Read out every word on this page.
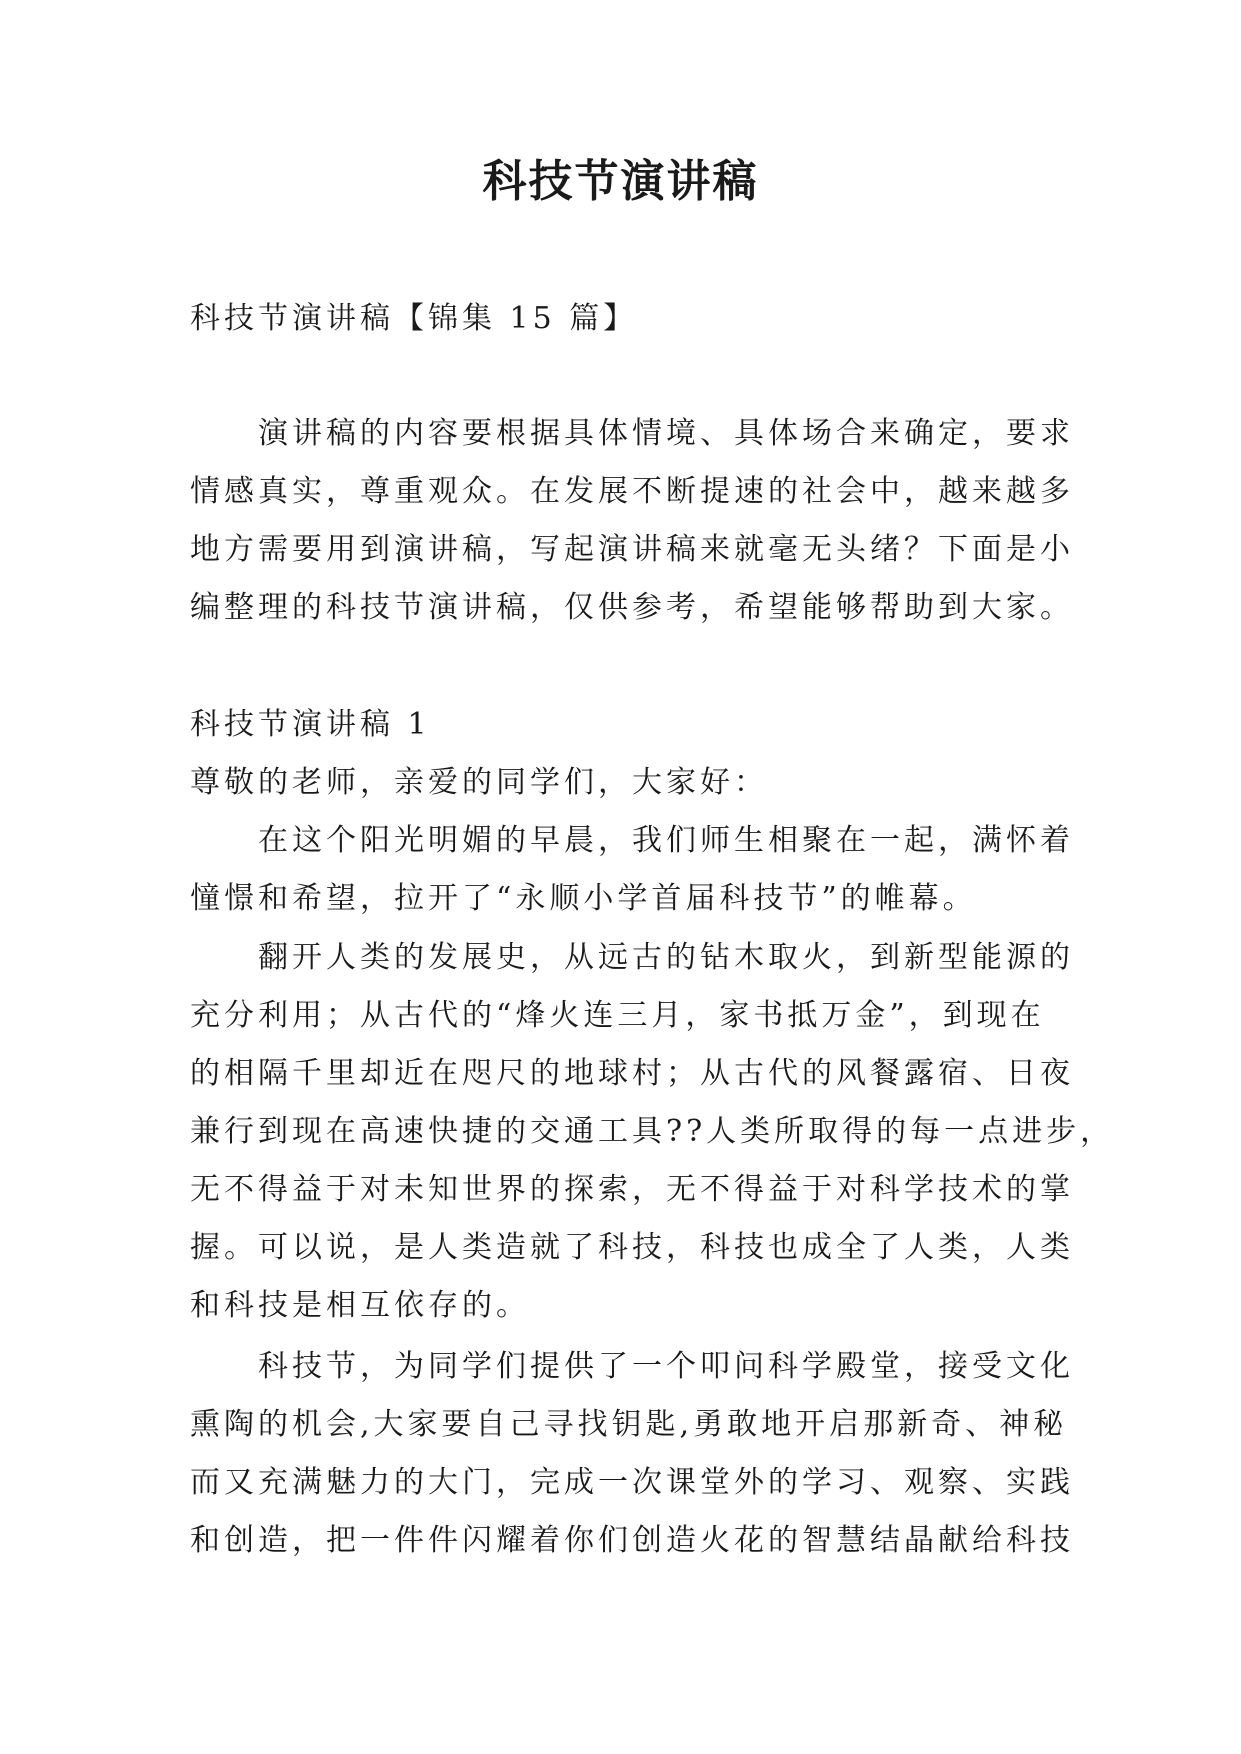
科技节演讲稿

科技节演讲稿【锦集 15 篇】

演讲稿的内容要根据具体情境、具体场合来确定，要求
情感真实，尊重观众。在发展不断提速的社会中，越来越多
地方需要用到演讲稿，写起演讲稿来就毫无头绪？下面是小
编整理的科技节演讲稿，仅供参考，希望能够帮助到大家。

科技节演讲稿 1

尊敬的老师，亲爱的同学们，大家好：

在这个阳光明媚的早晨，我们师生相聚在一起，满怀着
憧憬和希望，拉开了“永顺小学首届科技节”的帷幕。
翻开人类的发展史，从远古的钻木取火，到新型能源的
充分利用；从古代的“烽火连三月，家书抵万金”，到现在
的相隔千里却近在咫尺的地球村；从古代的风餐露宿、日夜
兼行到现在高速快捷的交通工具??人类所取得的每一点进步，
无不得益于对未知世界的探索，无不得益于对科学技术的掌
握。可以说，是人类造就了科技，科技也成全了人类，人类
和科技是相互依存的。
科技节，为同学们提供了一个叩问科学殿堂，接受文化
熏陶的机会,大家要自己寻找钥匙,勇敢地开启那新奇、神秘
而又充满魅力的大门，完成一次课堂外的学习、观察、实践
和创造，把一件件闪耀着你们创造火花的智慧结晶献给科技
